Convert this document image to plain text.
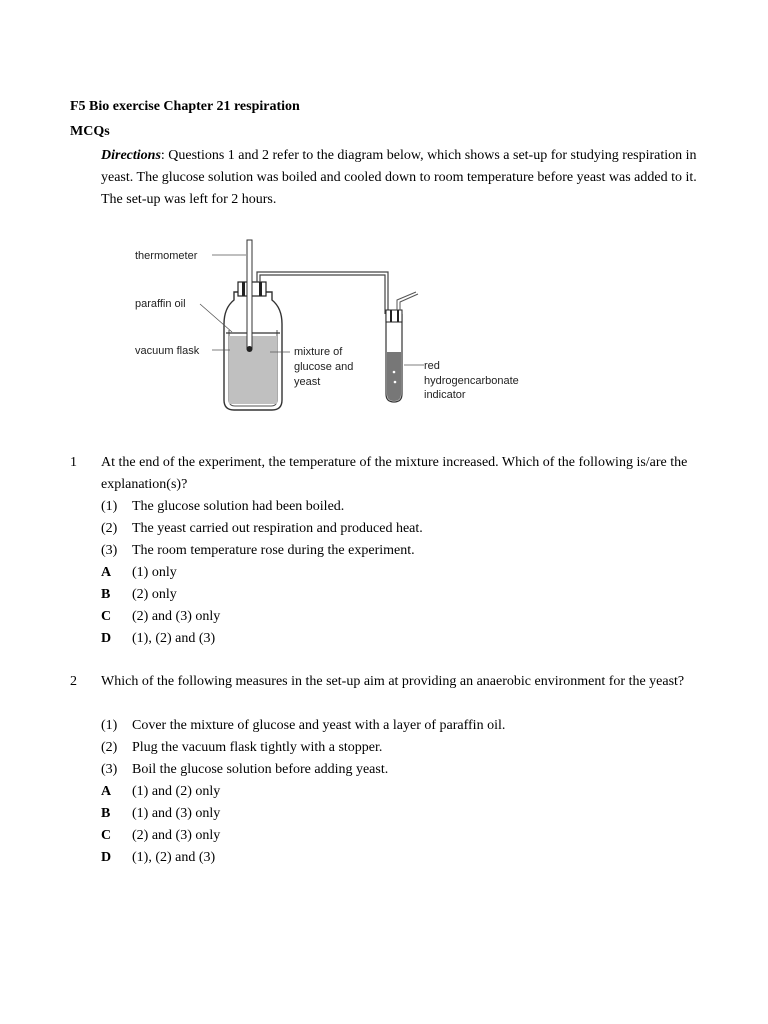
F5 Bio exercise Chapter 21 respiration

MCQs

Directions: Questions 1 and 2 refer to the diagram below, which shows a set-up for studying respiration in yeast. The glucose solution was boiled and cooled down to room temperature before yeast was added to it. The set-up was left for 2 hours.

thermometer
paraffin oil
vacuum flask	mixture of
glucose and
yeast
red
hydrogencarbonate
indicator
1	At the end of the experiment, the temperature of the mixture increased. Which of the following is/are the explanation(s)?
(1) The glucose solution had been boiled.
(2) The yeast carried out respiration and produced heat.
(3) The room temperature rose during the experiment.
A (1) only
B (2) only
C (2) and (3) only
D (1), (2) and (3)
2	Which of the following measures in the set-up aim at providing an anaerobic environment for the yeast?
(1) Cover the mixture of glucose and yeast with a layer of paraffin oil.
(2) Plug the vacuum flask tightly with a stopper.
(3) Boil the glucose solution before adding yeast.
A (1) and (2) only
B (1) and (3) only
C (2) and (3) only
D (1), (2) and (3)
